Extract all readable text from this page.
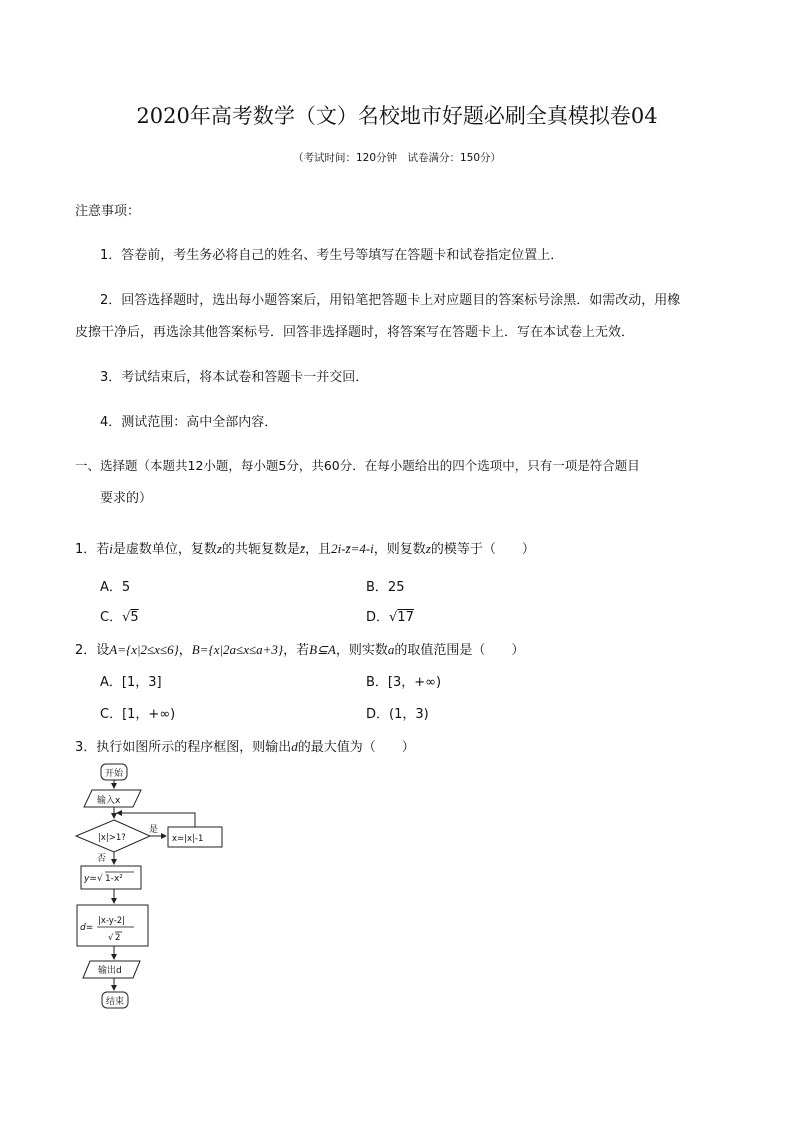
2020年高考数学（文）名校地市好题必刷全真模拟卷04
（考试时间：120分钟　试卷满分：150分）
注意事项：
1．答卷前，考生务必将自己的姓名、考生号等填写在答题卡和试卷指定位置上．
2．回答选择题时，选出每小题答案后，用铅笔把答题卡上对应题目的答案标号涂黑．如需改动，用橡
皮擦干净后，再选涂其他答案标号．回答非选择题时，将答案写在答题卡上．写在本试卷上无效．
3．考试结束后，将本试卷和答题卡一并交回．
4．测试范围：高中全部内容．
一、选择题（本题共12小题，每小题5分，共60分．在每小题给出的四个选项中，只有一项是符合题目
要求的）
1．若i是虚数单位，复数z的共轭复数是z̄，且2i-z̄=4-i，则复数z的模等于（　　）
A．5	B．25
C．√5	D．√17
2．设A={x|2≤x≤6}，B={x|2a≤x≤a+3}，若B⊆A，则实数a的取值范围是（　　）
A．[1，3]	B．[3，+∞)
C．[1，+∞)	D．(1，3)
3．执行如图所示的程序框图，则输出d的最大值为（　　）
开始
输入x
|x|>1?
是
否
x=|x|-1
y= √ 1-x²
d=
|x-y-2|
√ 2
输出d
结束
